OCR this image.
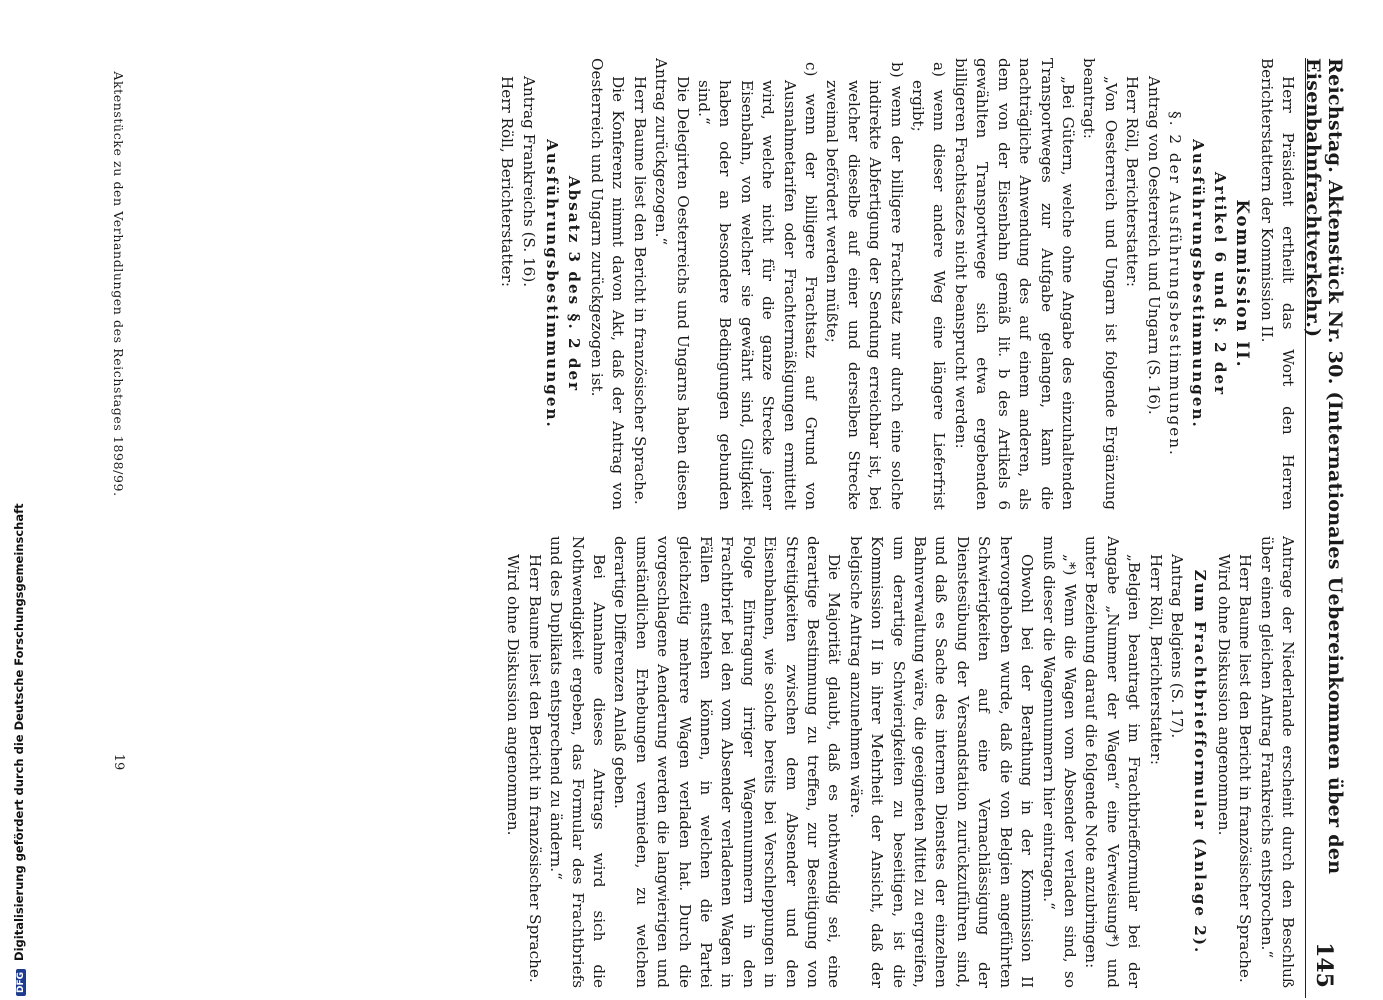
DFG Digitalisierung gefördert durch die Deutsche Forschungsgemeinschaft	Reichstag. Aktenstück Nr. 30. (Internationales Uebereinkommen über den Eisenbahnfrachtverkehr.)
145

Herr Präsident ertheilt das Wort den Herren Berichterstattern der Kommission II.

Kommission II.

Artikel 6 und §. 2 der Ausführungsbestimmungen.

§. 2 der Ausführungsbestimmungen.

Antrag von Oesterreich und Ungarn (S. 16).

Herr Röll, Berichterstatter:

„Von Oesterreich und Ungarn ist folgende Ergänzung beantragt:

„Bei Gütern, welche ohne Angabe des einzuhaltenden Transportweges zur Aufgabe gelangen, kann die nachträgliche Anwendung des auf einem anderen, als dem von der Eisenbahn gemäß lit. b des Artikels 6 gewählten Transportwege sich etwa ergebenden billigeren Frachtsatzes nicht beansprucht werden:

a) wenn dieser andere Weg eine längere Lieferfrist ergibt;

b) wenn der billigere Frachtsatz nur durch eine solche indirekte Abfertigung der Sendung erreichbar ist, bei welcher dieselbe auf einer und derselben Strecke zweimal befördert werden müßte;

c) wenn der billigere Frachtsatz auf Grund von Ausnahmetarifen oder Frachtermäßigungen ermittelt wird, welche nicht für die ganze Strecke jener Eisenbahn, von welcher sie gewährt sind, Giltigkeit haben oder an besondere Bedingungen gebunden sind.“

Die Delegirten Oesterreichs und Ungarns haben diesen Antrag zurückgezogen.“

Herr Baume liest den Bericht in französischer Sprache.

Die Konferenz nimmt davon Akt, daß der Antrag von Oesterreich und Ungarn zurückgezogen ist.

Absatz 3 des §. 2 der Ausführungsbestimmungen.

Antrag Frankreichs (S. 16).

Herr Röll, Berichterstatter:

Antrage der Niederlande erscheint durch den Beschluß über einen gleichen Antrag Frankreichs entsprochen.“

Herr Baume liest den Bericht in französischer Sprache.

Wird ohne Diskussion angenommen.

Zum Frachtbriefformular (Anlage 2).

Antrag Belgiens (S. 17).

Herr Röll, Berichterstatter:

„Belgien beantragt im Frachtbriefformular bei der Angabe „Nummer der Wagen“ eine Verweisung*) und unter Beziehung darauf die folgende Note anzubringen:

„*) Wenn die Wagen vom Absender verladen sind, so muß dieser die Wagennummern hier eintragen.“

Obwohl bei der Berathung in der Kommission II hervorgehoben wurde, daß die von Belgien angeführten Schwierigkeiten auf eine Vernachlässigung der Dienstesübung der Versandstation zurückzuführen sind, und daß es Sache des internen Dienstes der einzelnen Bahnverwaltung wäre, die geeigneten Mittel zu ergreifen, um derartige Schwierigkeiten zu beseitigen, ist die Kommission II in ihrer Mehrheit der Ansicht, daß der belgische Antrag anzunehmen wäre.

Die Majorität glaubt, daß es nothwendig sei, eine derartige Bestimmung zu treffen, zur Beseitigung von Streitigkeiten zwischen dem Absender und den Eisenbahnen, wie solche bereits bei Verschleppungen in Folge Eintragung irriger Wagennummern in den Frachtbrief bei den vom Absender verladenen Wagen in Fällen entstehen können, in welchen die Partei gleichzeitig mehrere Wagen verladen hat. Durch die vorgeschlagene Aenderung werden die langwierigen und umständlichen Erhebungen vermieden, zu welchen derartige Differenzen Anlaß geben.

Bei Annahme dieses Antrags wird sich die Nothwendigkeit ergeben, das Formular des Frachtbriefs und des Duplikats entsprechend zu ändern.“

Herr Baume liest den Bericht in französischer Sprache.

Wird ohne Diskussion angenommen.

Aktenstücke zu den Verhandlungen des Reichstages 1898/99.
19
